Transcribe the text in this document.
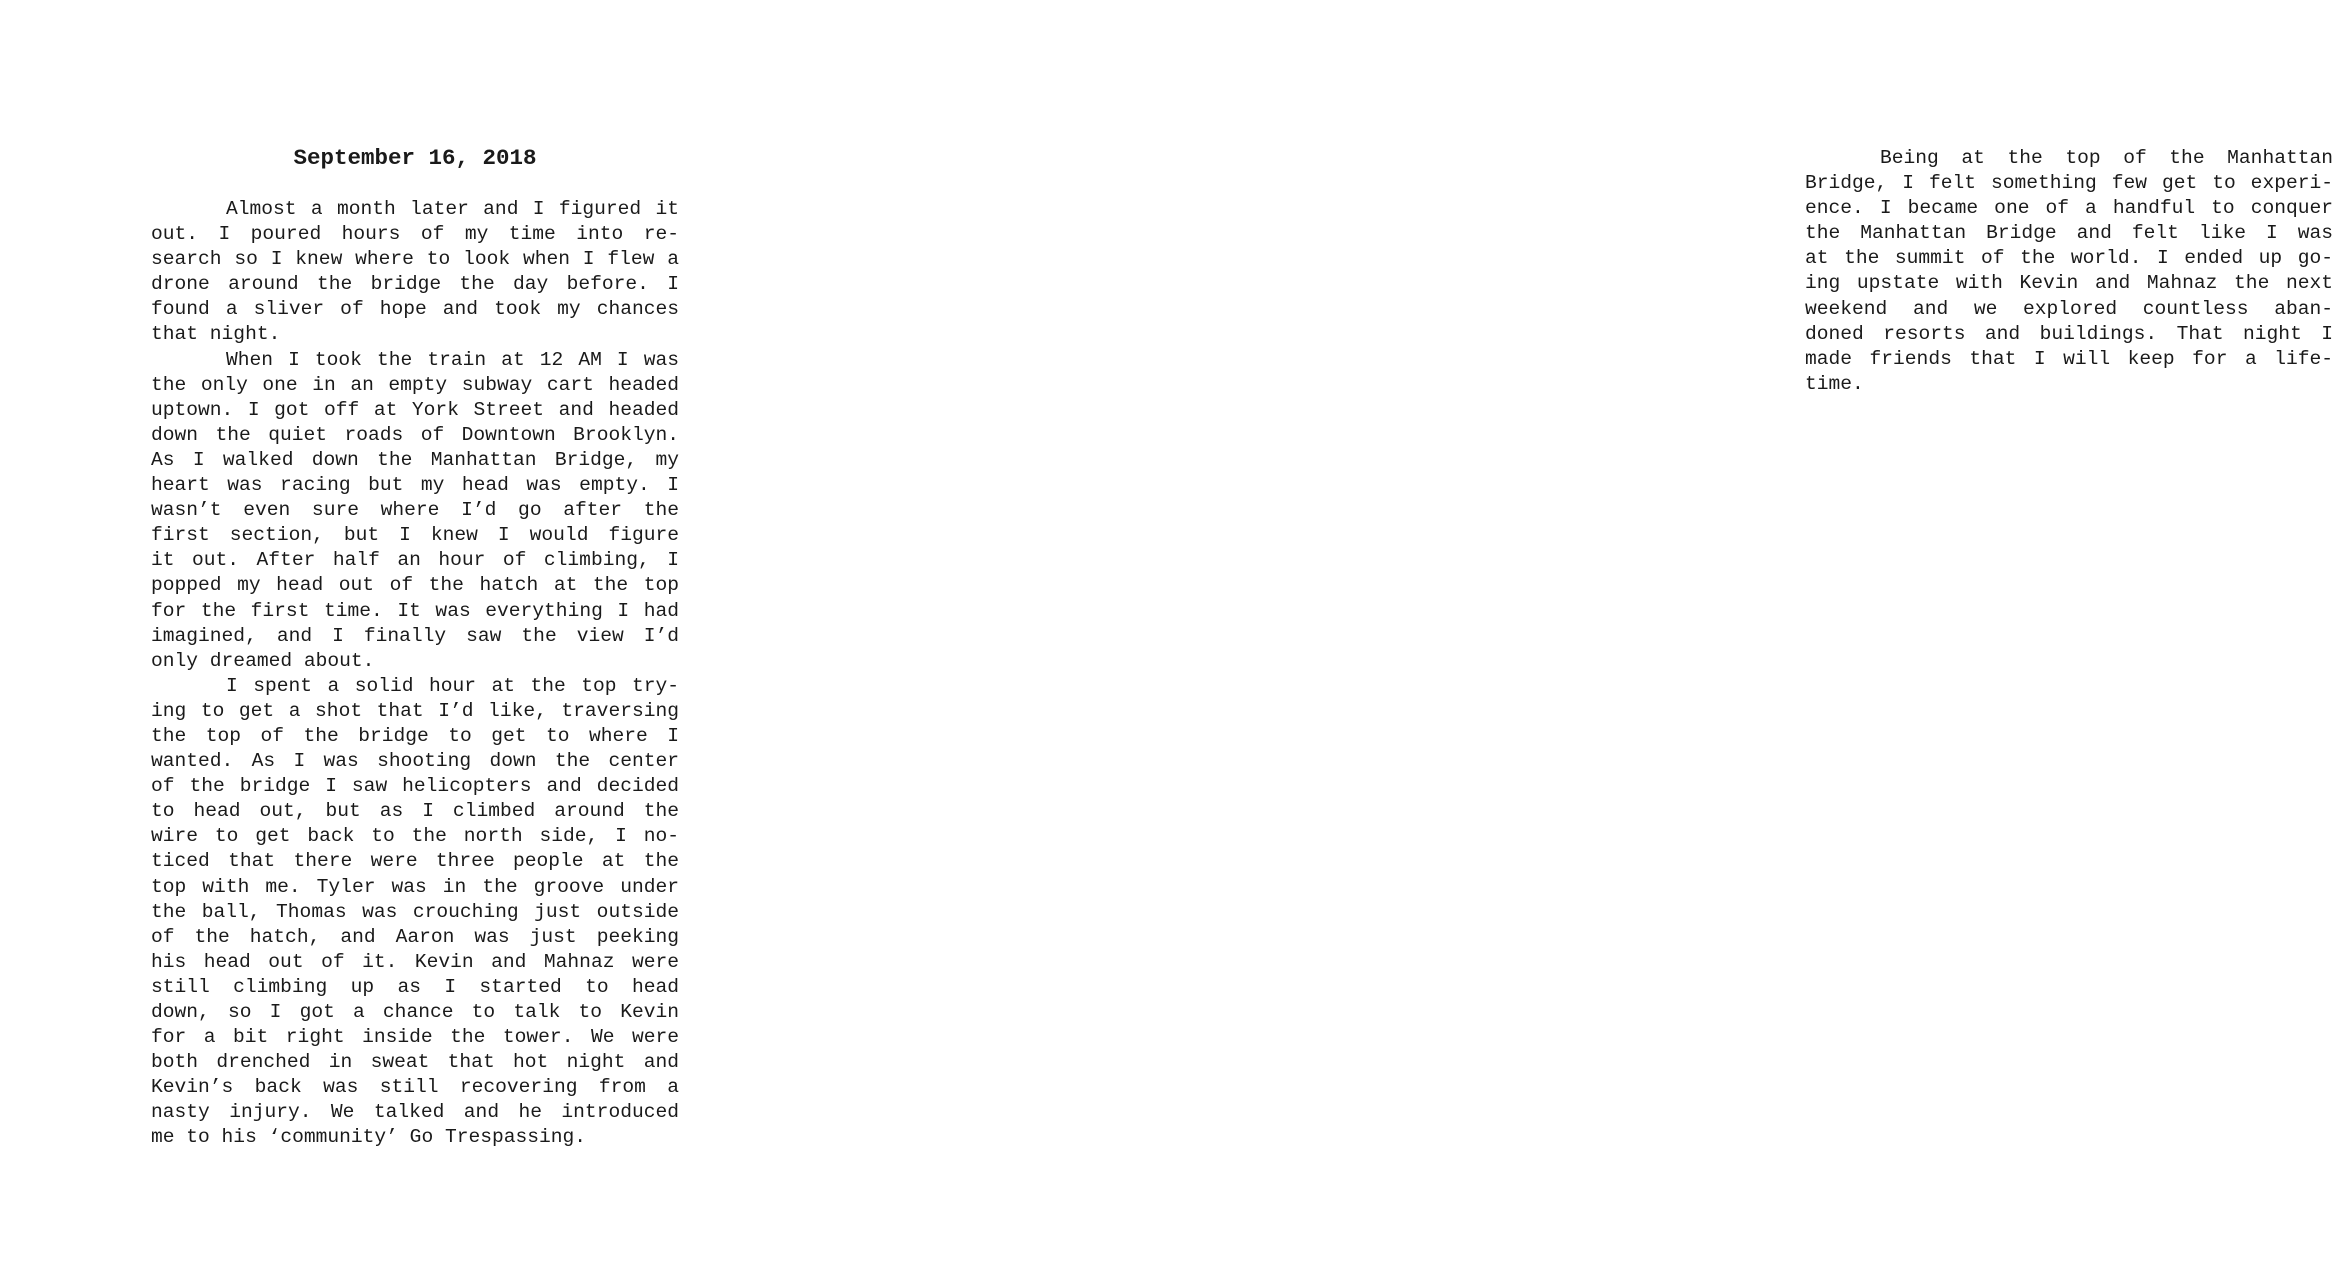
September 16, 2018

Almost a month later and I figured it
out. I poured hours of my time into re-
search so I knew where to look when I flew a
drone around the bridge the day before. I
found a sliver of hope and took my chances
that night.

When I took the train at 12 AM I was
the only one in an empty subway cart headed
uptown. I got off at York Street and headed
down the quiet roads of Downtown Brooklyn.
As I walked down the Manhattan Bridge, my
heart was racing but my head was empty. I
wasn’t even sure where I’d go after the
first section, but I knew I would figure
it out. After half an hour of climbing, I
popped my head out of the hatch at the top
for the first time. It was everything I had
imagined, and I finally saw the view I’d
only dreamed about.

I spent a solid hour at the top try-
ing to get a shot that I’d like, traversing
the top of the bridge to get to where I
wanted. As I was shooting down the center
of the bridge I saw helicopters and decided
to head out, but as I climbed around the
wire to get back to the north side, I no-
ticed that there were three people at the
top with me. Tyler was in the groove under
the ball, Thomas was crouching just outside
of the hatch, and Aaron was just peeking
his head out of it. Kevin and Mahnaz were
still climbing up as I started to head
down, so I got a chance to talk to Kevin
for a bit right inside the tower. We were
both drenched in sweat that hot night and
Kevin’s back was still recovering from a
nasty injury. We talked and he introduced
me to his ‘community’ Go Trespassing.

Being at the top of the Manhattan
Bridge, I felt something few get to experi-
ence. I became one of a handful to conquer
the Manhattan Bridge and felt like I was
at the summit of the world. I ended up go-
ing upstate with Kevin and Mahnaz the next
weekend and we explored countless aban-
doned resorts and buildings. That night I
made friends that I will keep for a life-
time.
